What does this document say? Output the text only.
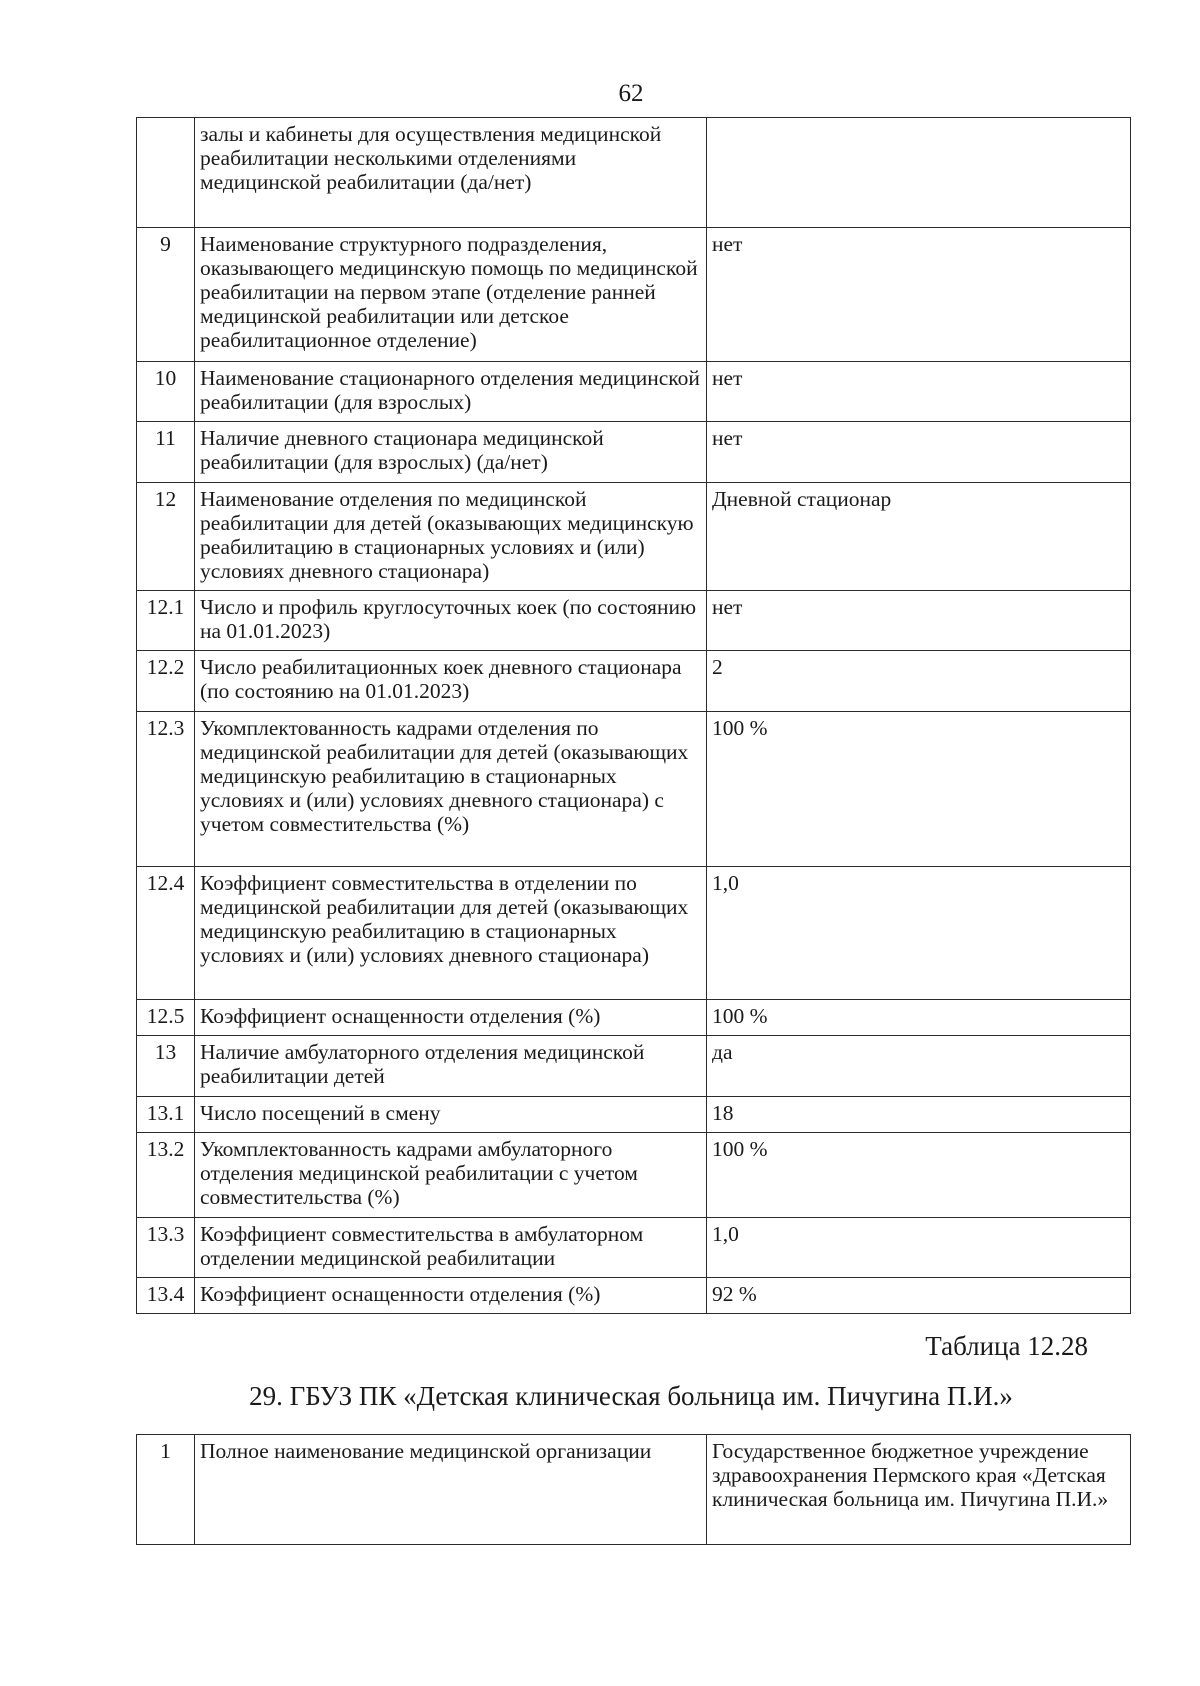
62
	залы и кабинеты для осуществления медицинской реабилитации несколькими отделениями медицинской реабилитации (да/нет)	
9	Наименование структурного подразделения, оказывающего медицинскую помощь по медицинской реабилитации на первом этапе (отделение ранней медицинской реабилитации или детское реабилитационное отделение)	нет
10	Наименование стационарного отделения медицинской реабилитации (для взрослых)	нет
11	Наличие дневного стационара медицинской реабилитации (для взрослых) (да/нет)	нет
12	Наименование отделения по медицинской реабилитации для детей (оказывающих медицинскую реабилитацию в стационарных условиях и (или) условиях дневного стационара)	Дневной стационар
12.1	Число и профиль круглосуточных коек (по состоянию на 01.01.2023)	нет
12.2	Число реабилитационных коек дневного стационара (по состоянию на 01.01.2023)	2
12.3	Укомплектованность кадрами отделения по медицинской реабилитации для детей (оказывающих медицинскую реабилитацию в стационарных условиях и (или) условиях дневного стационара) с учетом совместительства (%)	100 %
12.4	Коэффициент совместительства в отделении по медицинской реабилитации для детей (оказывающих медицинскую реабилитацию в стационарных условиях и (или) условиях дневного стационара)	1,0
12.5	Коэффициент оснащенности отделения (%)	100 %
13	Наличие амбулаторного отделения медицинской реабилитации детей	да
13.1	Число посещений в смену	18
13.2	Укомплектованность кадрами амбулаторного отделения медицинской реабилитации с учетом совместительства (%)	100 %
13.3	Коэффициент совместительства в амбулаторном отделении медицинской реабилитации	1,0
13.4	Коэффициент оснащенности отделения (%)	92 %
Таблица 12.28
29. ГБУЗ ПК «Детская клиническая больница им. Пичугина П.И.»
1	Полное наименование медицинской организации	Государственное бюджетное учреждение здравоохранения Пермского края «Детская клиническая больница им. Пичугина П.И.»
